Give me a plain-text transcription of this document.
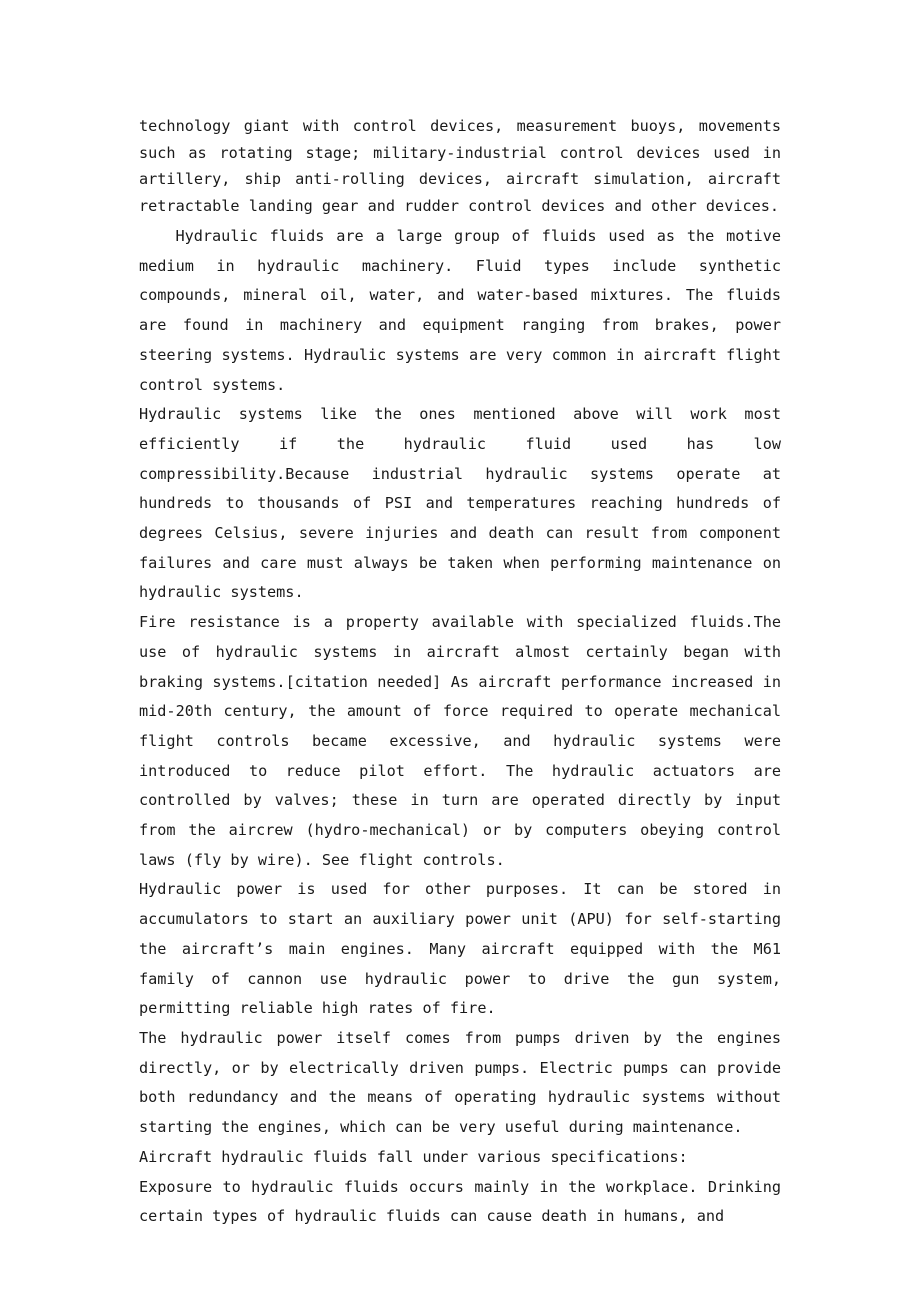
technology giant with control devices, measurement buoys, movements such as rotating stage; military-industrial control devices used in artillery, ship anti-rolling devices, aircraft simulation, aircraft retractable landing gear and rudder control devices and other devices.

Hydraulic fluids are a large group of fluids used as the motive medium in hydraulic machinery. Fluid types include synthetic compounds, mineral oil, water, and water-based mixtures. The fluids are found in machinery and equipment ranging from brakes, power steering systems. Hydraulic systems are very common in aircraft flight control systems.

Hydraulic systems like the ones mentioned above will work most efficiently if the hydraulic fluid used has low compressibility.Because industrial hydraulic systems operate at hundreds to thousands of PSI and temperatures reaching hundreds of degrees Celsius, severe injuries and death can result from component failures and care must always be taken when performing maintenance on hydraulic systems.

Fire resistance is a property available with specialized fluids.The use of hydraulic systems in aircraft almost certainly began with braking systems.[citation needed] As aircraft performance increased in mid-20th century, the amount of force required to operate mechanical flight controls became excessive, and hydraulic systems were introduced to reduce pilot effort. The hydraulic actuators are controlled by valves; these in turn are operated directly by input from the aircrew (hydro-mechanical) or by computers obeying control laws (fly by wire). See flight controls.

Hydraulic power is used for other purposes. It can be stored in accumulators to start an auxiliary power unit (APU) for self-starting the aircraft’s main engines. Many aircraft equipped with the M61 family of cannon use hydraulic power to drive the gun system, permitting reliable high rates of fire.

The hydraulic power itself comes from pumps driven by the engines directly, or by electrically driven pumps. Electric pumps can provide both redundancy and the means of operating hydraulic systems without starting the engines, which can be very useful during maintenance.

Aircraft hydraulic fluids fall under various specifications:

Exposure to hydraulic fluids occurs mainly in the workplace. Drinking certain types of hydraulic fluids can cause death in humans, and
